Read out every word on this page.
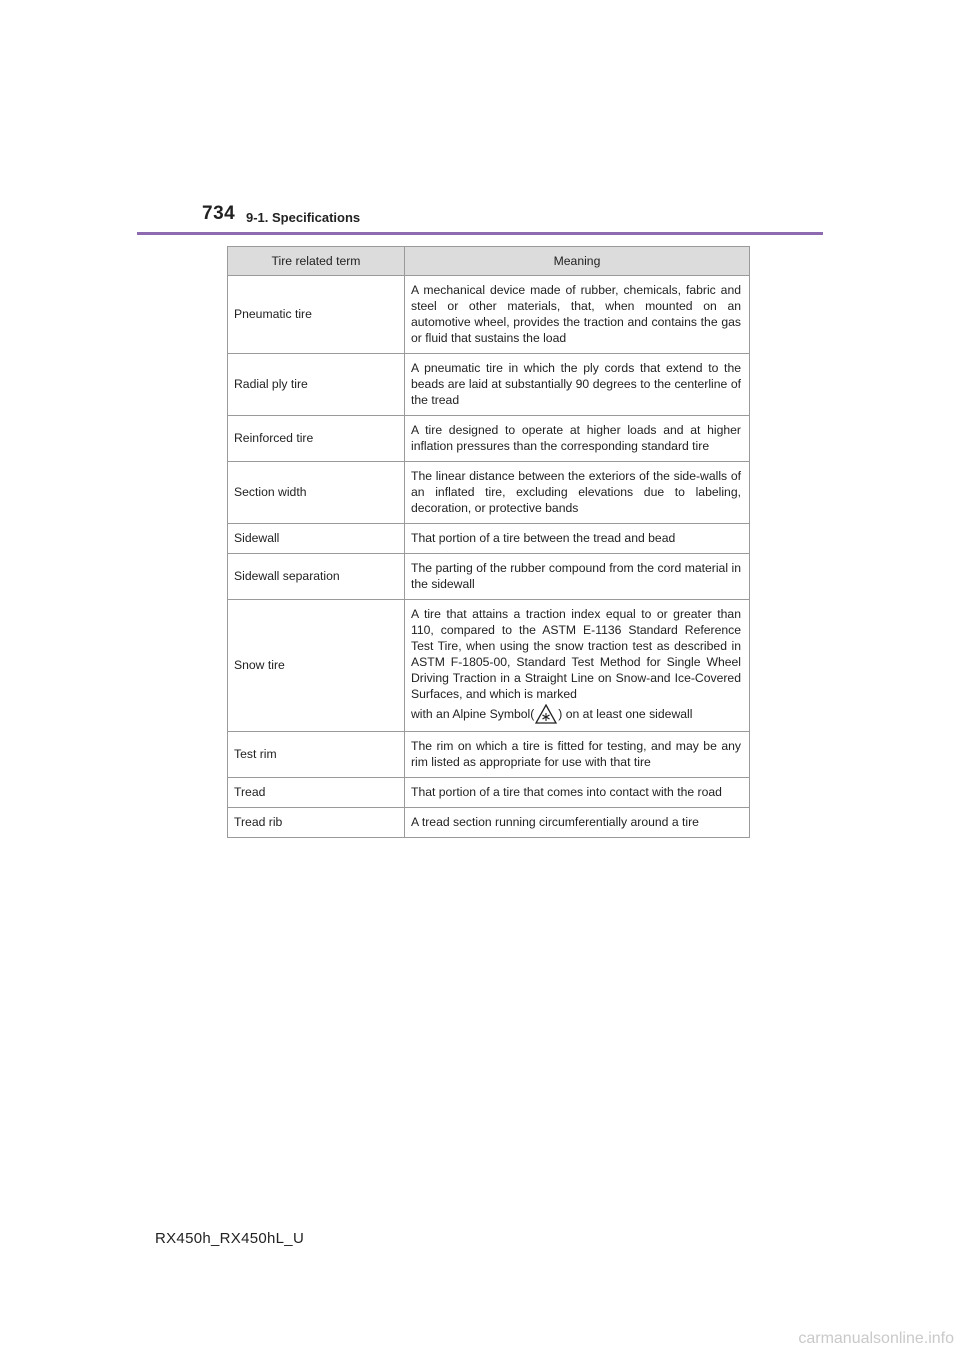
734 9-1. Specifications
Tire related term	Meaning
Pneumatic tire	A mechanical device made of rubber, chemicals, fabric and steel or other materials, that, when mounted on an automotive wheel, provides the traction and contains the gas or fluid that sustains the load
Radial ply tire	A pneumatic tire in which the ply cords that extend to the beads are laid at substantially 90 degrees to the centerline of the tread
Reinforced tire	A tire designed to operate at higher loads and at higher inflation pressures than the corresponding standard tire
Section width	The linear distance between the exteriors of the side-walls of an inflated tire, excluding elevations due to labeling, decoration, or protective bands
Sidewall	That portion of a tire between the tread and bead
Sidewall separation	The parting of the rubber compound from the cord material in the sidewall
Snow tire	A tire that attains a traction index equal to or greater than 110, compared to the ASTM E-1136 Standard Reference Test Tire, when using the snow traction test as described in ASTM F-1805-00, Standard Test Method for Single Wheel Driving Traction in a Straight Line on Snow-and Ice-Covered Surfaces, and which is marked
with an Alpine Symbol( ) on at least one sidewall

Test rim	The rim on which a tire is fitted for testing, and may be any rim listed as appropriate for use with that tire
Tread	That portion of a tire that comes into contact with the road
Tread rib	A tread section running circumferentially around a tire
RX450h_RX450hL_U
carmanualsonline.info
